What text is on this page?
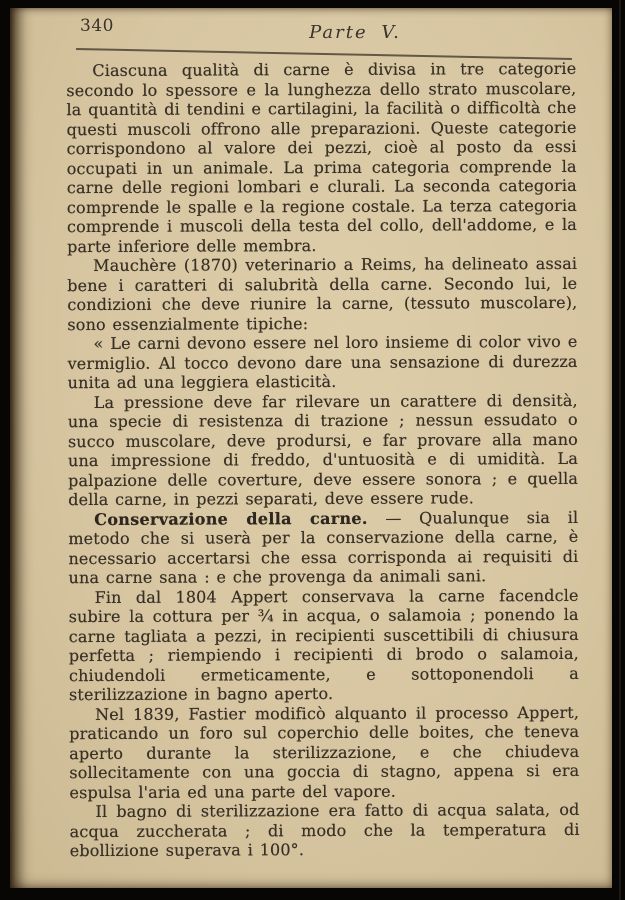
340	Parte V.

Ciascuna qualità di carne è divisa in tre categorie secondo lo spessore e la lunghezza dello strato muscolare, la quantità di tendini e cartilagini, la facilità o difficoltà che questi muscoli offrono alle preparazioni. Queste categorie corrispondono al valore dei pezzi, cioè al posto da essi occupati in un animale. La prima categoria comprende la carne delle regioni lombari e clurali. La seconda categoria comprende le spalle e la regione costale. La terza categoria comprende i muscoli della testa del collo, dell'addome, e la parte inferiore delle membra.

Mauchère (1870) veterinario a Reims, ha delineato assai bene i caratteri di salubrità della carne. Secondo lui, le condizioni che deve riunire la carne, (tessuto muscolare), sono essenzialmente tipiche:

« Le carni devono essere nel loro insieme di color vivo e vermiglio. Al tocco devono dare una sensazione di durezza unita ad una leggiera elasticità.

La pressione deve far rilevare un carattere di densità, una specie di resistenza di trazione ; nessun essudato o succo muscolare, deve prodursi, e far provare alla mano una impressione di freddo, d'untuosità e di umidità. La palpazione delle coverture, deve essere sonora ; e quella della carne, in pezzi separati, deve essere rude.

Conservazione della carne. — Qualunque sia il metodo che si userà per la conservazione della carne, è necessario accertarsi che essa corrisponda ai requisiti di una carne sana : e che provenga da animali sani.

Fin dal 1804 Appert conservava la carne facendcle subire la cottura per ³⁄₄ in acqua, o salamoia ; ponendo la carne tagliata a pezzi, in recipienti suscettibili di chiusura perfetta ; riempiendo i recipienti di brodo o salamoia, chiudendoli ermeticamente, e sottoponendoli a sterilizzazione in bagno aperto.

Nel 1839, Fastier modificò alquanto il processo Appert, praticando un foro sul coperchio delle boites, che teneva aperto durante la sterilizzazione, e che chiudeva sollecitamente con una goccia di stagno, appena si era espulsa l'aria ed una parte del vapore.

Il bagno di sterilizzazione era fatto di acqua salata, od acqua zuccherata ; di modo che la temperatura di ebollizione superava i 100°.
